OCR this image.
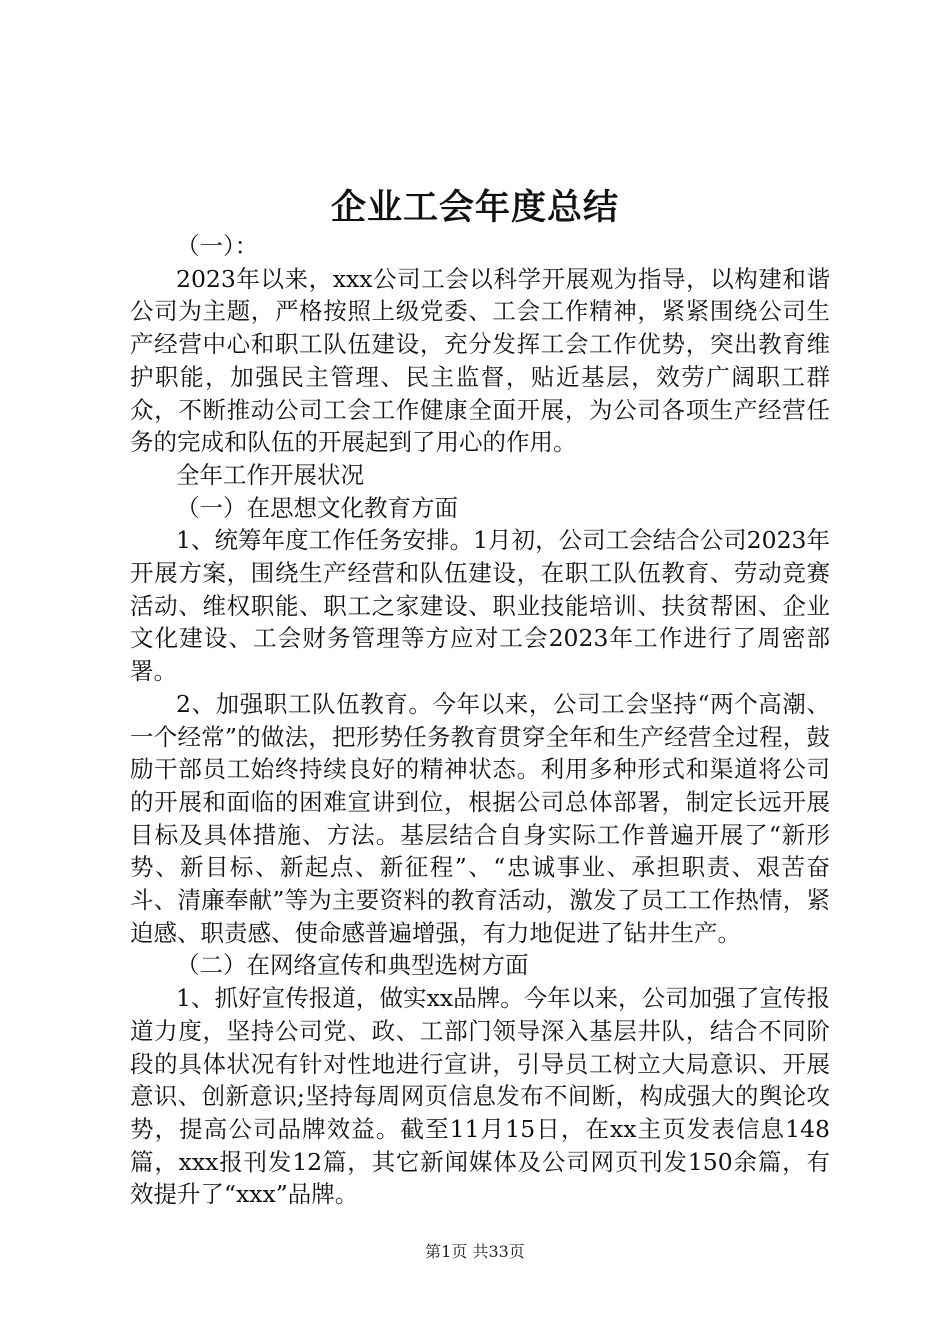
企业工会年度总结

（一）：

2023年以来，xxx公司工会以科学开展观为指导，以构建和谐公司为主题，严格按照上级党委、工会工作精神，紧紧围绕公司生产经营中心和职工队伍建设，充分发挥工会工作优势，突出教育维护职能，加强民主管理、民主监督，贴近基层，效劳广阔职工群众，不断推动公司工会工作健康全面开展，为公司各项生产经营任务的完成和队伍的开展起到了用心的作用。

全年工作开展状况

（一）在思想文化教育方面

1、统筹年度工作任务安排。1月初，公司工会结合公司2023年开展方案，围绕生产经营和队伍建设，在职工队伍教育、劳动竞赛活动、维权职能、职工之家建设、职业技能培训、扶贫帮困、企业文化建设、工会财务管理等方应对工会2023年工作进行了周密部署。

2、加强职工队伍教育。今年以来，公司工会坚持“两个高潮、一个经常”的做法，把形势任务教育贯穿全年和生产经营全过程，鼓励干部员工始终持续良好的精神状态。利用多种形式和渠道将公司的开展和面临的困难宣讲到位，根据公司总体部署，制定长远开展目标及具体措施、方法。基层结合自身实际工作普遍开展了“新形势、新目标、新起点、新征程”、“忠诚事业、承担职责、艰苦奋斗、清廉奉献”等为主要资料的教育活动，激发了员工工作热情，紧迫感、职责感、使命感普遍增强，有力地促进了钻井生产。

（二）在网络宣传和典型选树方面

1、抓好宣传报道，做实xx品牌。今年以来，公司加强了宣传报道力度，坚持公司党、政、工部门领导深入基层井队，结合不同阶段的具体状况有针对性地进行宣讲，引导员工树立大局意识、开展意识、创新意识;坚持每周网页信息发布不间断，构成强大的舆论攻势，提高公司品牌效益。截至11月15日，在xx主页发表信息148篇，xxx报刊发12篇，其它新闻媒体及公司网页刊发150余篇，有效提升了“xxx”品牌。

第1页 共33页
